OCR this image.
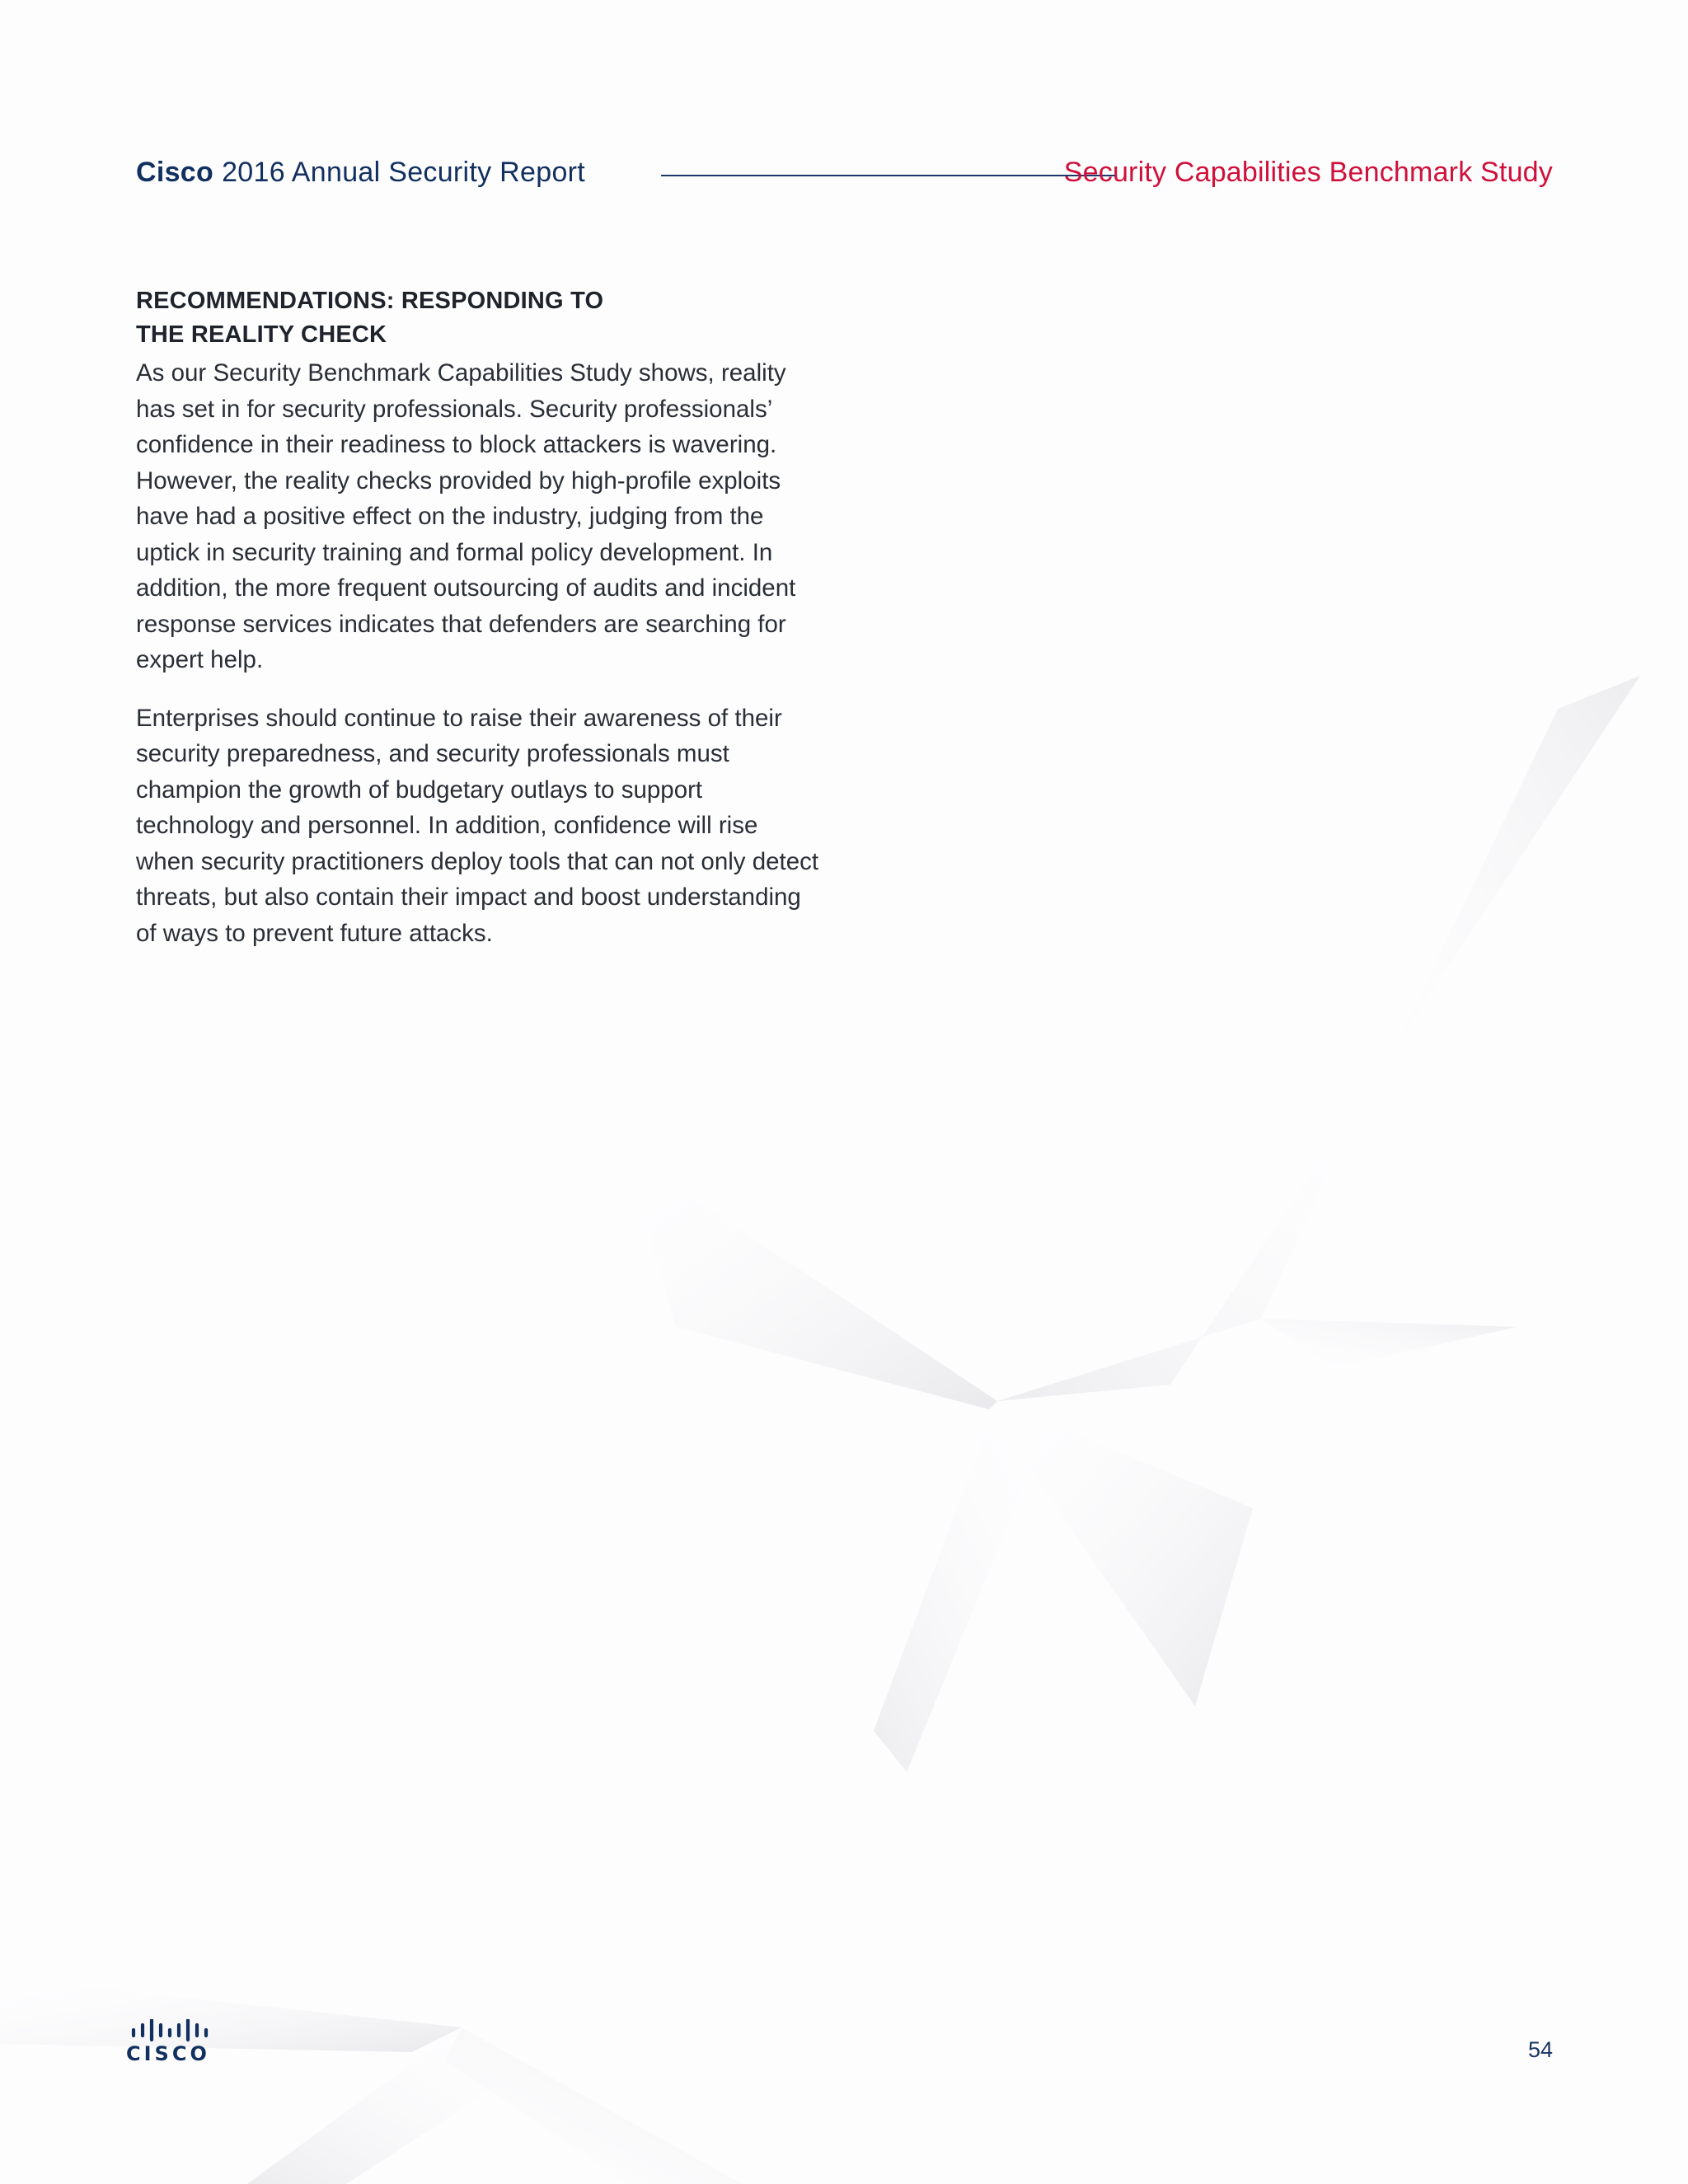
Cisco 2016 Annual Security Report	Security Capabilities Benchmark Study
RECOMMENDATIONS: RESPONDING TO
THE REALITY CHECK

As our Security Benchmark Capabilities Study shows, reality has set in for security professionals. Security professionals’ confidence in their readiness to block attackers is wavering. However, the reality checks provided by high-profile exploits have had a positive effect on the industry, judging from the uptick in security training and formal policy development. In addition, the more frequent outsourcing of audits and incident response services indicates that defenders are searching for expert help.

Enterprises should continue to raise their awareness of their security preparedness, and security professionals must champion the growth of budgetary outlays to support technology and personnel. In addition, confidence will rise when security practitioners deploy tools that can not only detect threats, but also contain their impact and boost understanding of ways to prevent future attacks.

CISCO	54
